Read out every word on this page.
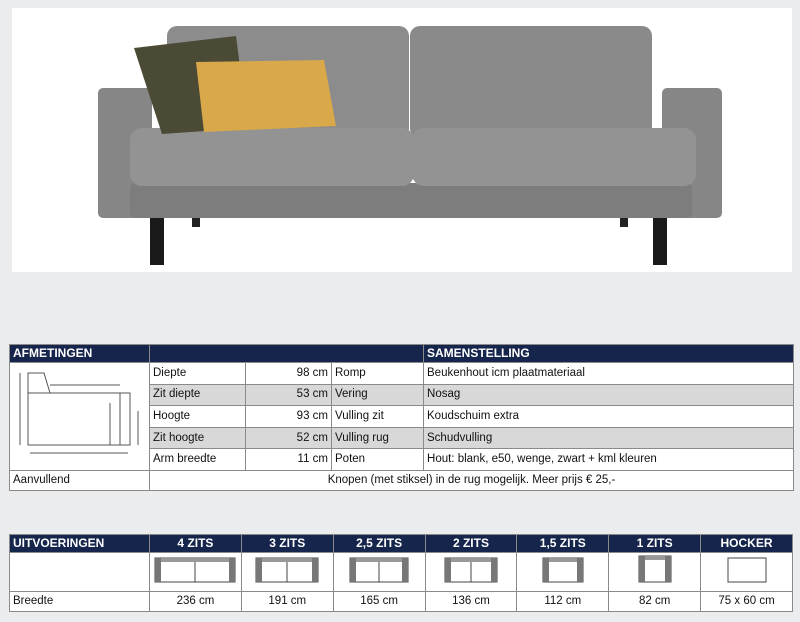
AFMETINGEN				SAMENSTELLING
	Diepte	98 cm	Romp	Beukenhout icm plaatmateriaal
	Zit diepte	53 cm	Vering	Nosag
	Hoogte	93 cm	Vulling zit	Koudschuim extra
	Zit hoogte	52 cm	Vulling rug	Schudvulling
	Arm breedte	11 cm	Poten	Hout: blank, e50, wenge, zwart + kml kleuren
Aanvullend	Knopen (met stiksel) in de rug mogelijk. Meer prijs € 25,-			
UITVOERINGEN	4 ZITS	3 ZITS	2,5 ZITS	2 ZITS	1,5 ZITS	1 ZITS	HOCKER

Breedte	236 cm	191 cm	165 cm	136 cm	112 cm	82 cm	75 x 60 cm
